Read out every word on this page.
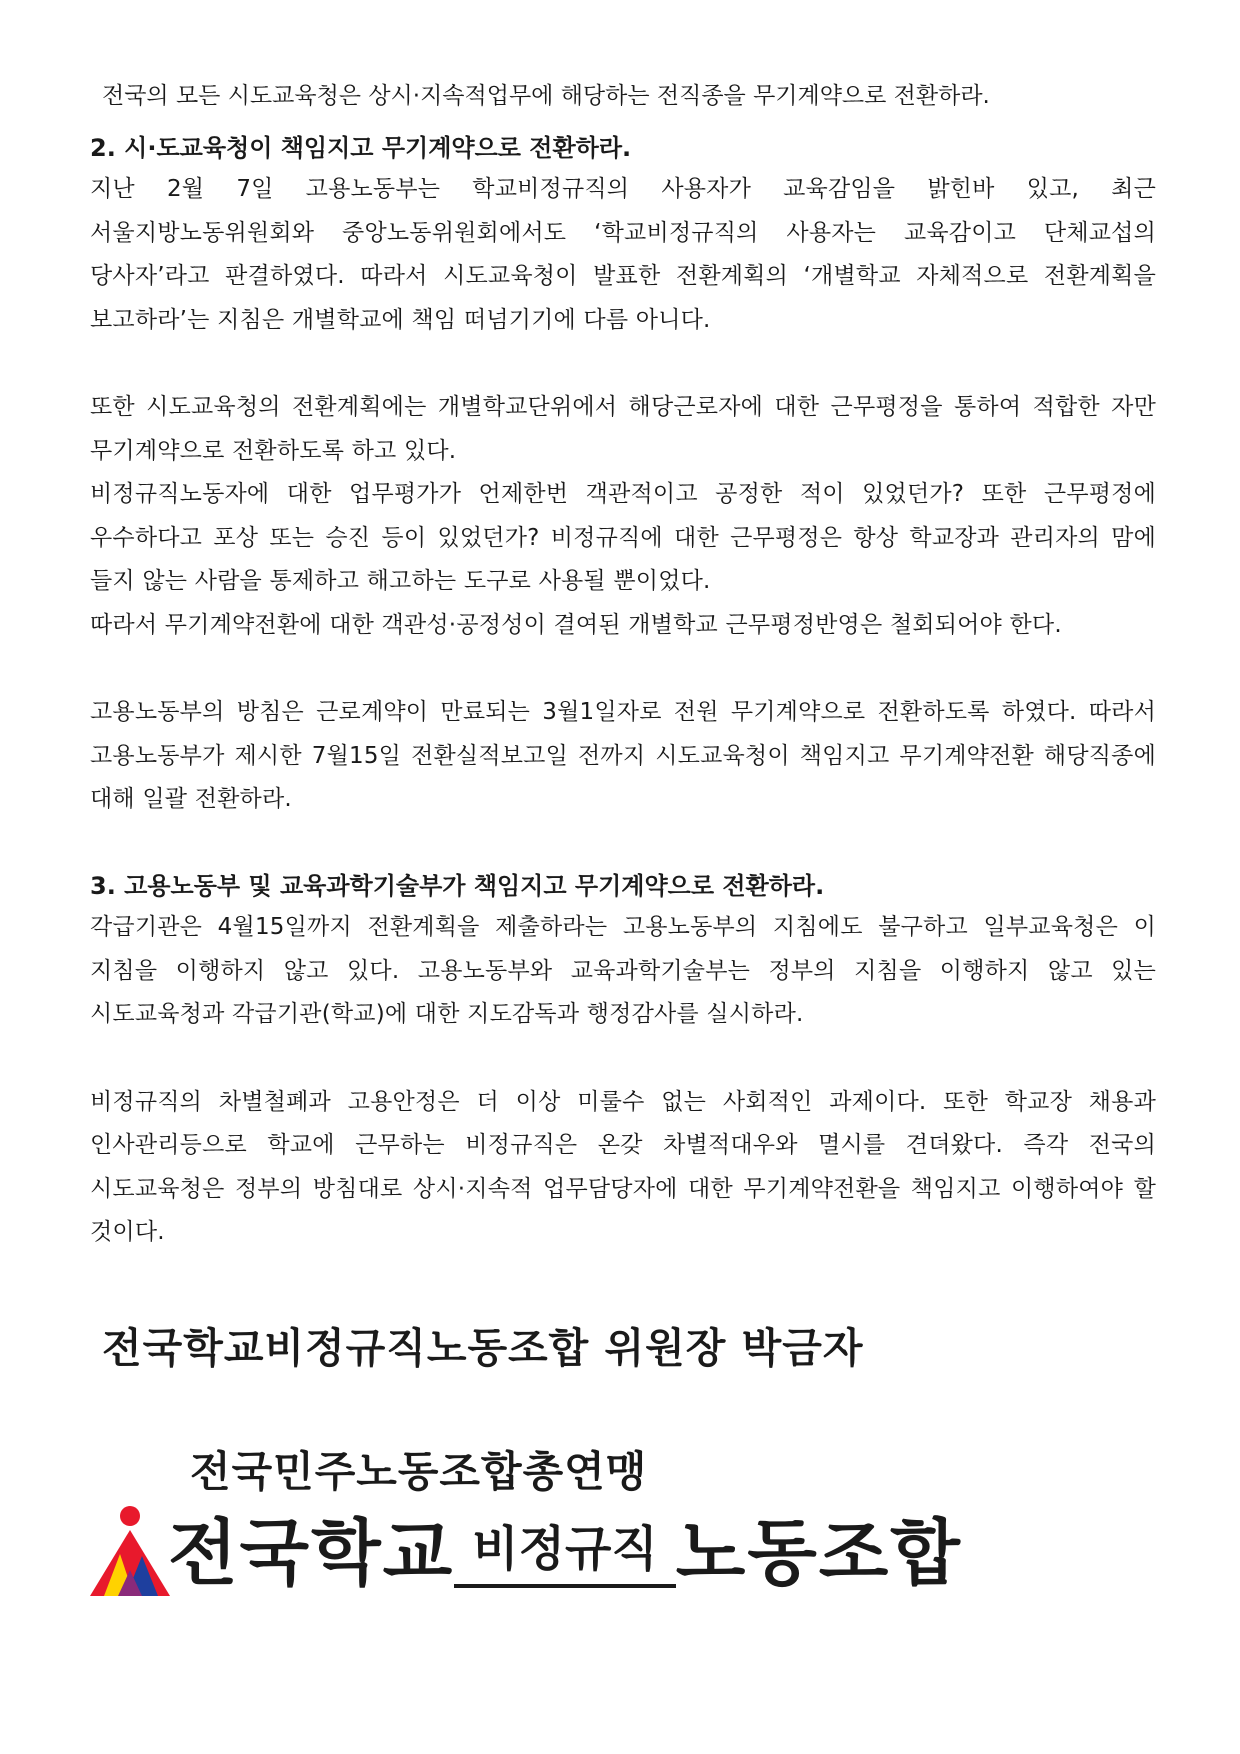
전국의 모든 시도교육청은 상시·지속적업무에 해당하는 전직종을 무기계약으로 전환하라.

2. 시·도교육청이 책임지고 무기계약으로 전환하라.

지난 2월 7일 고용노동부는 학교비정규직의 사용자가 교육감임을 밝힌바 있고, 최근 서울지방노동위원회와 중앙노동위원회에서도 ‘학교비정규직의 사용자는 교육감이고 단체교섭의 당사자’라고 판결하였다. 따라서 시도교육청이 발표한 전환계획의 ‘개별학교 자체적으로 전환계획을 보고하라’는 지침은 개별학교에 책임 떠넘기기에 다름 아니다.

또한 시도교육청의 전환계획에는 개별학교단위에서 해당근로자에 대한 근무평정을 통하여 적합한 자만 무기계약으로 전환하도록 하고 있다.

비정규직노동자에 대한 업무평가가 언제한번 객관적이고 공정한 적이 있었던가? 또한 근무평정에 우수하다고 포상 또는 승진 등이 있었던가? 비정규직에 대한 근무평정은 항상 학교장과 관리자의 맘에 들지 않는 사람을 통제하고 해고하는 도구로 사용될 뿐이었다.

따라서 무기계약전환에 대한 객관성·공정성이 결여된 개별학교 근무평정반영은 철회되어야 한다.

고용노동부의 방침은 근로계약이 만료되는 3월1일자로 전원 무기계약으로 전환하도록 하였다. 따라서 고용노동부가 제시한 7월15일 전환실적보고일 전까지 시도교육청이 책임지고 무기계약전환 해당직종에 대해 일괄 전환하라.

3. 고용노동부 및 교육과학기술부가 책임지고 무기계약으로 전환하라.

각급기관은 4월15일까지 전환계획을 제출하라는 고용노동부의 지침에도 불구하고 일부교육청은 이 지침을 이행하지 않고 있다. 고용노동부와 교육과학기술부는 정부의 지침을 이행하지 않고 있는 시도교육청과 각급기관(학교)에 대한 지도감독과 행정감사를 실시하라.

비정규직의 차별철폐과 고용안정은 더 이상 미룰수 없는 사회적인 과제이다. 또한 학교장 채용과 인사관리등으로 학교에 근무하는 비정규직은 온갖 차별적대우와 멸시를 견뎌왔다. 즉각 전국의 시도교육청은 정부의 방침대로 상시·지속적 업무담당자에 대한 무기계약전환을 책임지고 이행하여야 할 것이다.

전국학교비정규직노동조합 위원장 박금자

전국민주노동조합총연맹
전국학교 비정규직 노동조합
